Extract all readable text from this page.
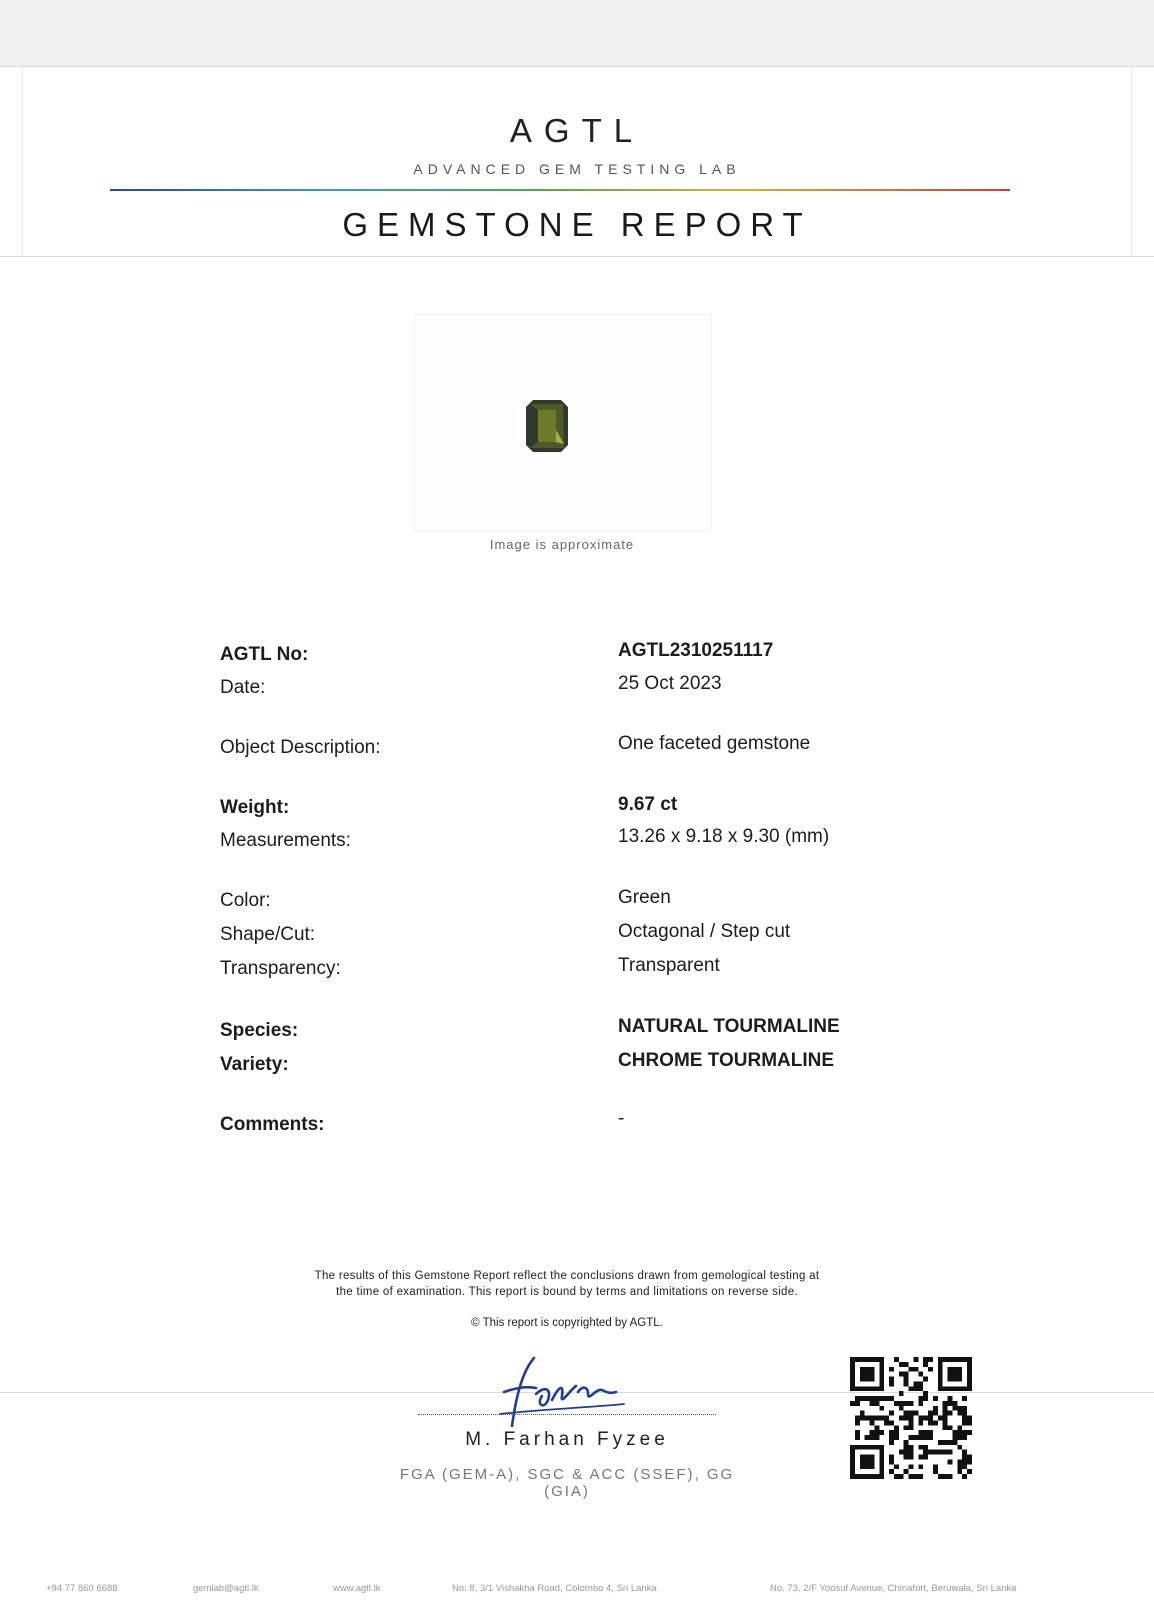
AGTL
ADVANCED GEM TESTING LAB
GEMSTONE REPORT
Image is approximate
AGTL No:	AGTL2310251117
Date:	25 Oct 2023
Object Description:	One faceted gemstone
Weight:	9.67 ct
Measurements:	13.26 x 9.18 x 9.30 (mm)
Color:	Green
Shape/Cut:	Octagonal / Step cut
Transparency:	Transparent
Species:	NATURAL TOURMALINE
Variety:	CHROME TOURMALINE
Comments:	-
The results of this Gemstone Report reflect the conclusions drawn from gemological testing at
the time of examination. This report is bound by terms and limitations on reverse side.
© This report is copyrighted by AGTL.
M. Farhan Fyzee
FGA (GEM-A), SGC & ACC (SSEF), GG (GIA)
+94 77 860 6688	gemlab@agtl.lk	www.agtl.lk	No. 8, 3/1 Vishakha Road, Colombo 4, Sri Lanka	No. 73, 2/F Yoosuf Avenue, Chinafort, Beruwala, Sri Lanka
